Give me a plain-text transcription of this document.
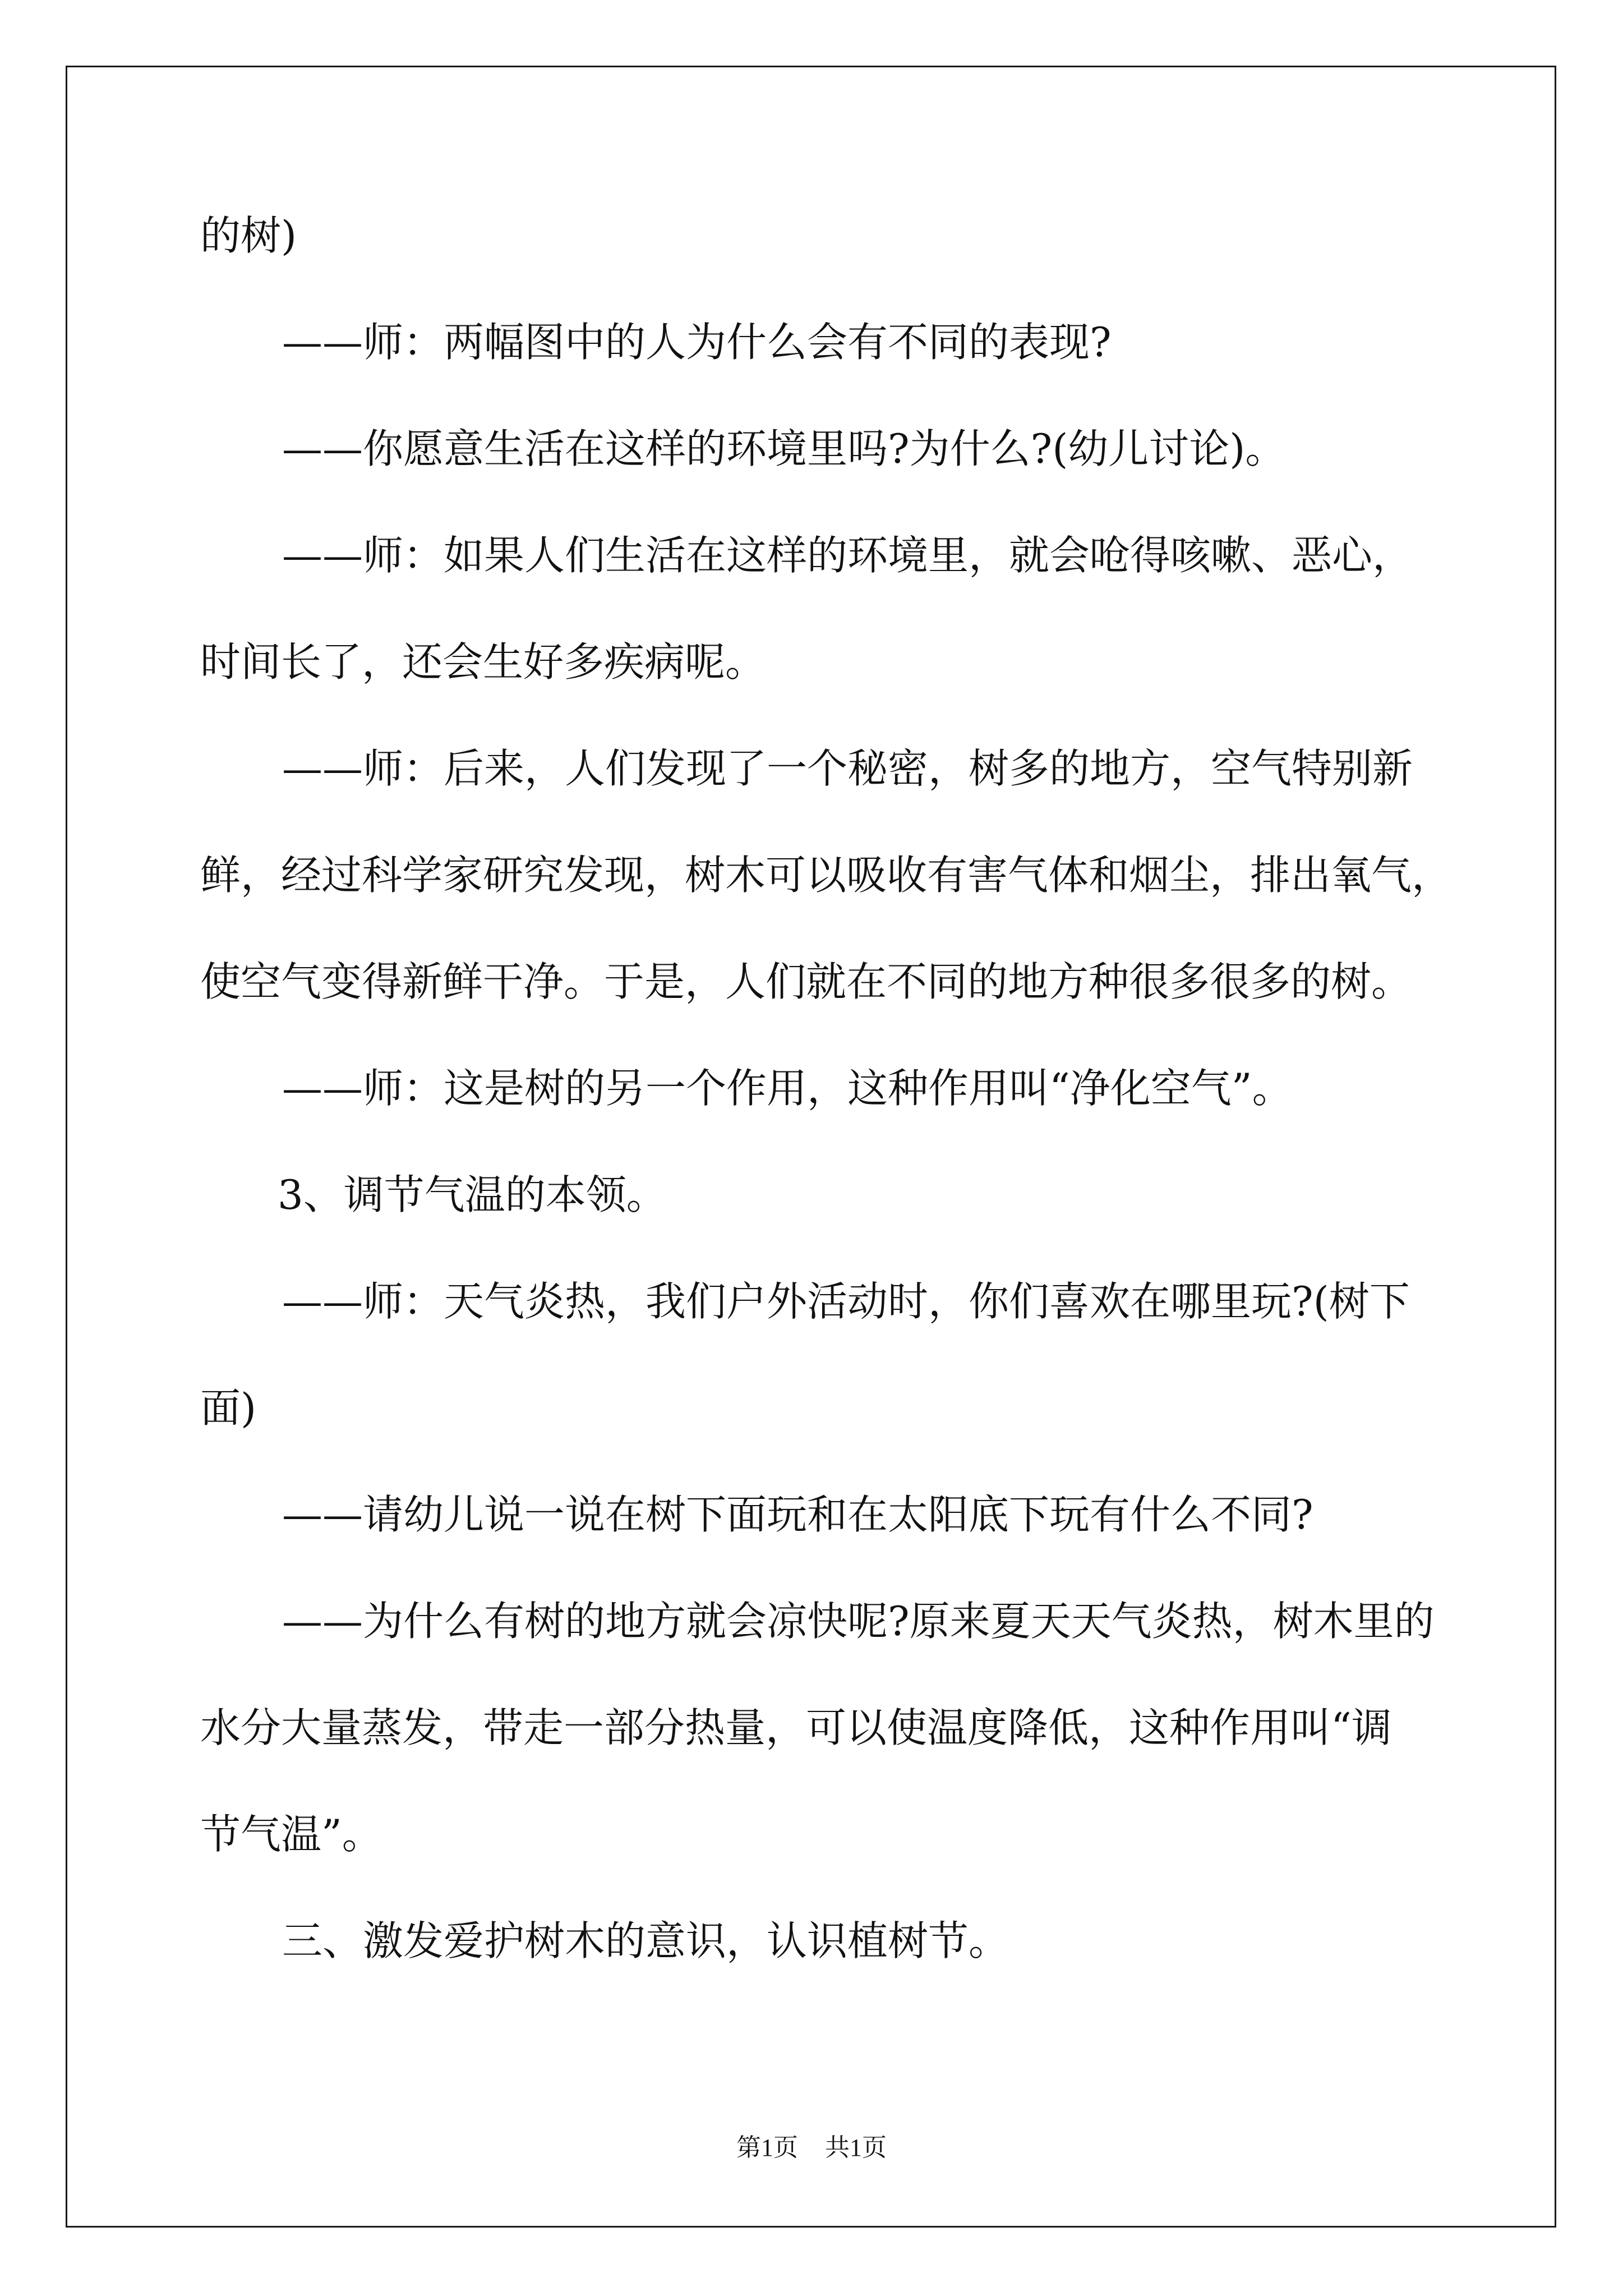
的树)
——师：两幅图中的人为什么会有不同的表现?
——你愿意生活在这样的环境里吗?为什么?(幼儿讨论)。
——师：如果人们生活在这样的环境里，就会呛得咳嗽、恶心，
时间长了，还会生好多疾病呢。
——师：后来，人们发现了一个秘密，树多的地方，空气特别新
鲜，经过科学家研究发现，树木可以吸收有害气体和烟尘，排出氧气，
使空气变得新鲜干净。于是，人们就在不同的地方种很多很多的树。
——师：这是树的另一个作用，这种作用叫“净化空气”。
3、调节气温的本领。
——师：天气炎热，我们户外活动时，你们喜欢在哪里玩?(树下
面)
——请幼儿说一说在树下面玩和在太阳底下玩有什么不同?
——为什么有树的地方就会凉快呢?原来夏天天气炎热，树木里的
水分大量蒸发，带走一部分热量，可以使温度降低，这种作用叫“调
节气温”。
三、激发爱护树木的意识，认识植树节。
第1页 共1页
